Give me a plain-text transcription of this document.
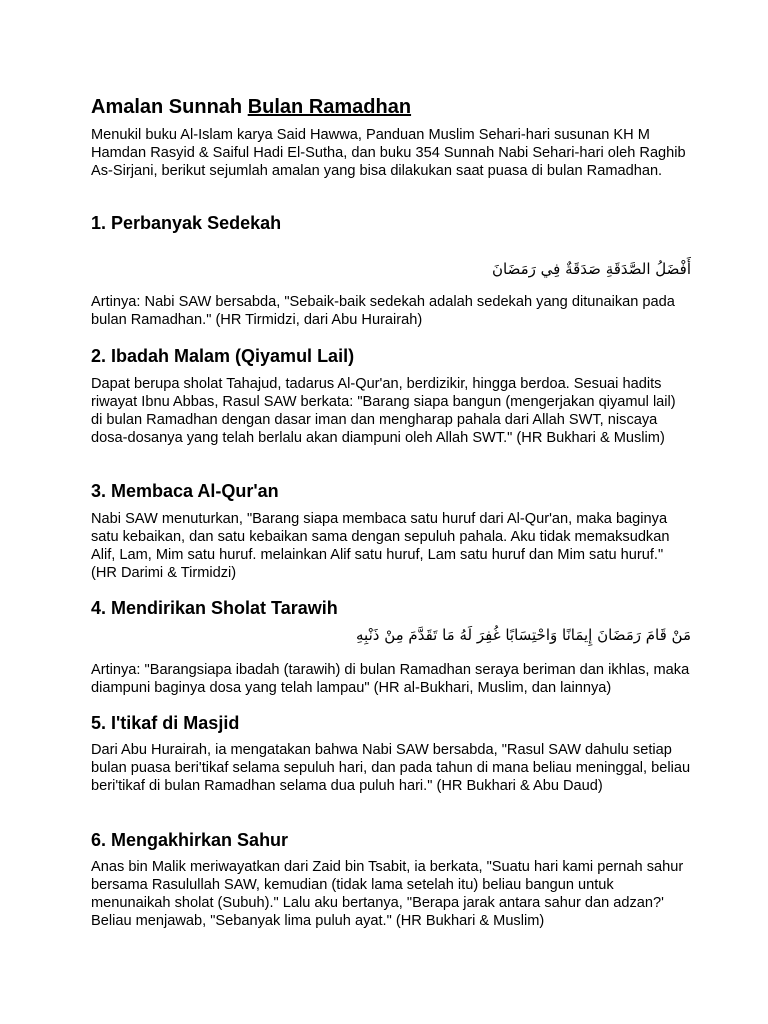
Amalan Sunnah Bulan Ramadhan

Menukil buku Al-Islam karya Said Hawwa, Panduan Muslim Sehari-hari susunan KH M Hamdan Rasyid & Saiful Hadi El-Sutha, dan buku 354 Sunnah Nabi Sehari-hari oleh Raghib As-Sirjani, berikut sejumlah amalan yang bisa dilakukan saat puasa di bulan Ramadhan.

1. Perbanyak Sedekah

أَفْضَلُ الصَّدَقَةِ صَدَقَةٌ فِي رَمَضَانَ

Artinya: Nabi SAW bersabda, "Sebaik-baik sedekah adalah sedekah yang ditunaikan pada bulan Ramadhan." (HR Tirmidzi, dari Abu Hurairah)

2. Ibadah Malam (Qiyamul Lail)

Dapat berupa sholat Tahajud, tadarus Al-Qur'an, berdizikir, hingga berdoa. Sesuai hadits riwayat Ibnu Abbas, Rasul SAW berkata: "Barang siapa bangun (mengerjakan qiyamul lail) di bulan Ramadhan dengan dasar iman dan mengharap pahala dari Allah SWT, niscaya dosa-dosanya yang telah berlalu akan diampuni oleh Allah SWT." (HR Bukhari & Muslim)

3. Membaca Al-Qur'an

Nabi SAW menuturkan, "Barang siapa membaca satu huruf dari Al-Qur'an, maka baginya satu kebaikan, dan satu kebaikan sama dengan sepuluh pahala. Aku tidak memaksudkan Alif, Lam, Mim satu huruf. melainkan Alif satu huruf, Lam satu huruf dan Mim satu huruf." (HR Darimi & Tirmidzi)

4. Mendirikan Sholat Tarawih

مَنْ قَامَ رَمَضَانَ إِيمَانًا وَاحْتِسَابًا غُفِرَ لَهُ مَا تَقَدَّمَ مِنْ ذَنْبِهِ

Artinya: "Barangsiapa ibadah (tarawih) di bulan Ramadhan seraya beriman dan ikhlas, maka diampuni baginya dosa yang telah lampau" (HR al-Bukhari, Muslim, dan lainnya)

5. I'tikaf di Masjid

Dari Abu Hurairah, ia mengatakan bahwa Nabi SAW bersabda, "Rasul SAW dahulu setiap bulan puasa beri'tikaf selama sepuluh hari, dan pada tahun di mana beliau meninggal, beliau beri'tikaf di bulan Ramadhan selama dua puluh hari." (HR Bukhari & Abu Daud)

6. Mengakhirkan Sahur

Anas bin Malik meriwayatkan dari Zaid bin Tsabit, ia berkata, "Suatu hari kami pernah sahur bersama Rasulullah SAW, kemudian (tidak lama setelah itu) beliau bangun untuk menunaikah sholat (Subuh)." Lalu aku bertanya, "Berapa jarak antara sahur dan adzan?' Beliau menjawab, "Sebanyak lima puluh ayat." (HR Bukhari & Muslim)
